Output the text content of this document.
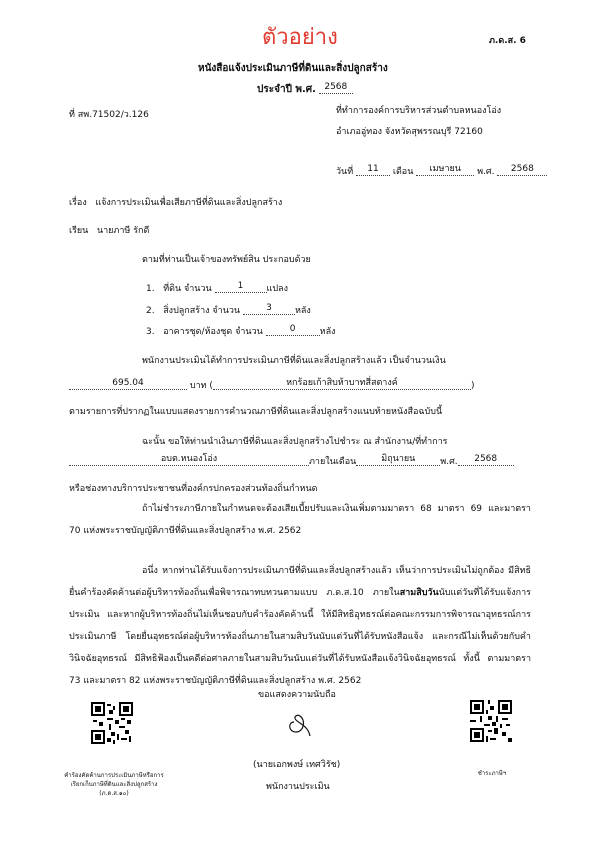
ตัวอย่าง	ภ.ด.ส. 6
หนังสือแจ้งประเมินภาษีที่ดินและสิ่งปลูกสร้าง
ประจำปี พ.ศ. 2568
ที่ สพ.71502/ว.126	ที่ทำการองค์การบริหารส่วนตำบลหนองโอ่ง
อำเภออู่ทอง จังหวัดสุพรรณบุรี 72160
วันที่ 11 เดือน เมษายน พ.ศ. 2568
เรื่อง แจ้งการประเมินเพื่อเสียภาษีที่ดินและสิ่งปลูกสร้าง
เรียน นายภาษี รักดี
ตามที่ท่านเป็นเจ้าของทรัพย์สิน ประกอบด้วย
1. ที่ดิน จำนวน	1	แปลง
2. สิ่งปลูกสร้าง จำนวน	3	หลัง
3. อาคารชุด/ห้องชุด จำนวน	0	หลัง
พนักงานประเมินได้ทำการประเมินภาษีที่ดินและสิ่งปลูกสร้างแล้ว เป็นจำนวนเงิน
695.04	บาท (	หกร้อยเก้าสิบห้าบาทสี่สตางค์	)
ตามรายการที่ปรากฏในแบบแสดงรายการคำนวณภาษีที่ดินและสิ่งปลูกสร้างแนบท้ายหนังสือฉบับนี้
ฉะนั้น ขอให้ท่านนำเงินภาษีที่ดินและสิ่งปลูกสร้างไปชำระ ณ สำนักงาน/ที่ทำการ
อบต.หนองโอ่ง	ภายในเดือน	มิถุนายน	พ.ศ. 2568
หรือช่องทางบริการประชาชนที่องค์กรปกครองส่วนท้องถิ่นกำหนด
ถ้าไม่ชำระภาษีภายในกำหนดจะต้องเสียเบี้ยปรับและเงินเพิ่มตามมาตรา 68 มาตรา 69 และมาตรา 70 แห่งพระราชบัญญัติภาษีที่ดินและสิ่งปลูกสร้าง พ.ศ. 2562
อนึ่ง หากท่านได้รับแจ้งการประเมินภาษีที่ดินและสิ่งปลูกสร้างแล้ว เห็นว่าการประเมินไม่ถูกต้อง มีสิทธิยื่นคำร้องคัดค้านต่อผู้บริหารท้องถิ่นเพื่อพิจารณาทบทวนตามแบบ ภ.ด.ส.10 ภายในสามสิบวันนับแต่วันที่ได้รับแจ้งการประเมิน และหากผู้บริหารท้องถิ่นไม่เห็นชอบกับคำร้องคัดค้านนี้ ให้มีสิทธิอุทธรณ์ต่อคณะกรรมการพิจารณาอุทธรณ์การประเมินภาษี โดยยื่นอุทธรณ์ต่อผู้บริหารท้องถิ่นภายในสามสิบวันนับแต่วันที่ได้รับหนังสือแจ้ง และกรณีไม่เห็นด้วยกับคำวินิจฉัยอุทธรณ์ มีสิทธิฟ้องเป็นคดีต่อศาลภายในสามสิบวันนับแต่วันที่ได้รับหนังสือแจ้งวินิจฉัยอุทธรณ์ ทั้งนี้ ตามมาตรา 73 และมาตรา 82 แห่งพระราชบัญญัติภาษีที่ดินและสิ่งปลูกสร้าง พ.ศ. 2562
ขอแสดงความนับถือ
(นายเอกพงษ์ เทศวิรัช)
พนักงานประเมิน
คำร้องคัดค้านการประเมินภาษีหรือการเรียกเก็บภาษีที่ดินและสิ่งปลูกสร้าง (ภ.ด.ส.๑๐)
ชำระภาษีฯ
